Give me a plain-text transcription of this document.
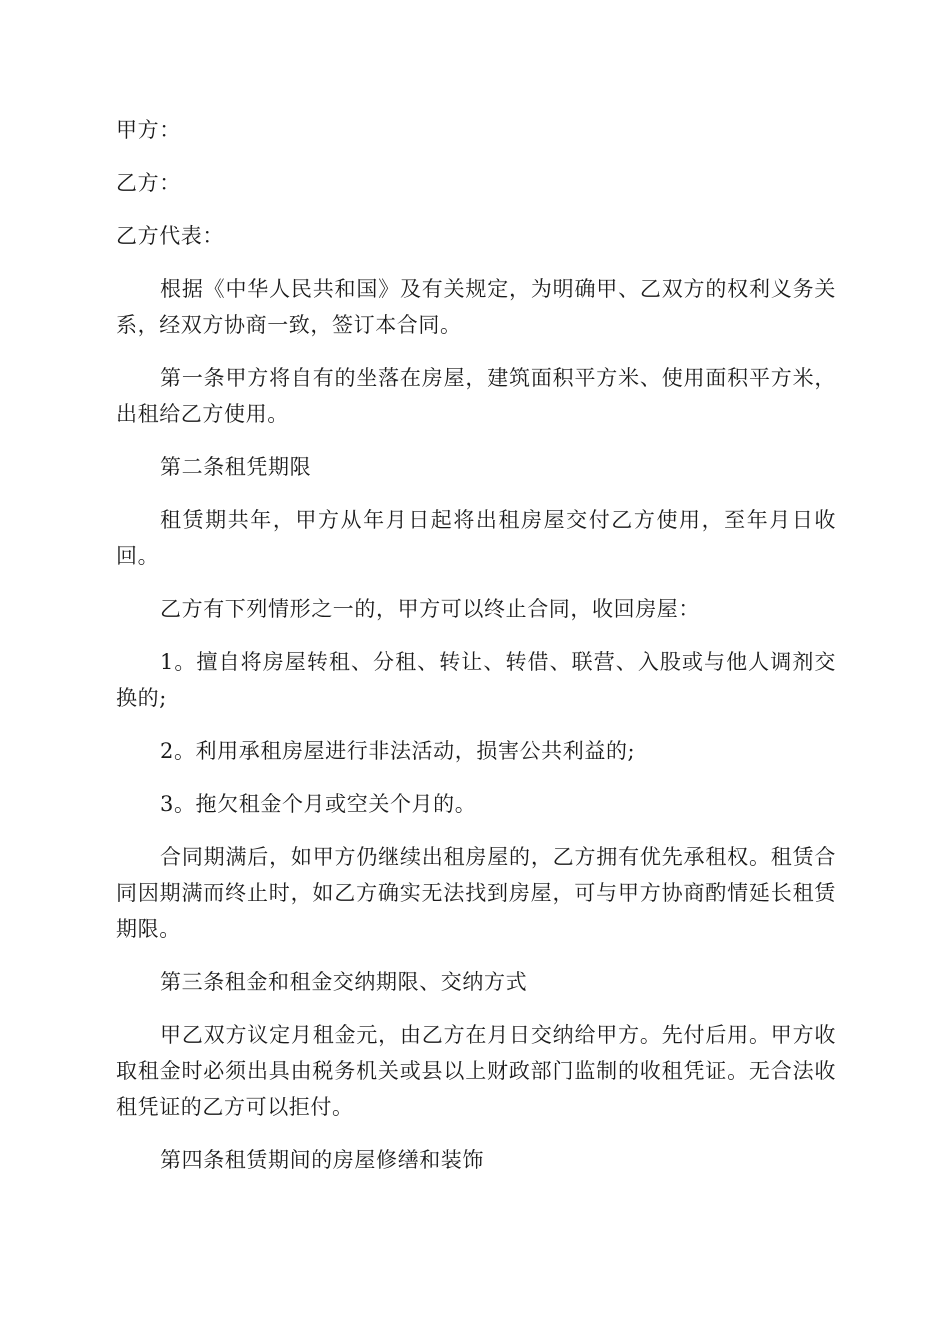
甲方：

乙方：

乙方代表：

根据《中华人民共和国》及有关规定，为明确甲、乙双方的权利义务关系，经双方协商一致，签订本合同。

第一条甲方将自有的坐落在房屋，建筑面积平方米、使用面积平方米，出租给乙方使用。

第二条租凭期限

租赁期共年，甲方从年月日起将出租房屋交付乙方使用，至年月日收回。

乙方有下列情形之一的，甲方可以终止合同，收回房屋：

1。擅自将房屋转租、分租、转让、转借、联营、入股或与他人调剂交换的;

2。利用承租房屋进行非法活动，损害公共利益的;

3。拖欠租金个月或空关个月的。

合同期满后，如甲方仍继续出租房屋的，乙方拥有优先承租权。租赁合同因期满而终止时，如乙方确实无法找到房屋，可与甲方协商酌情延长租赁期限。

第三条租金和租金交纳期限、交纳方式

甲乙双方议定月租金元，由乙方在月日交纳给甲方。先付后用。甲方收取租金时必须出具由税务机关或县以上财政部门监制的收租凭证。无合法收租凭证的乙方可以拒付。

第四条租赁期间的房屋修缮和装饰
